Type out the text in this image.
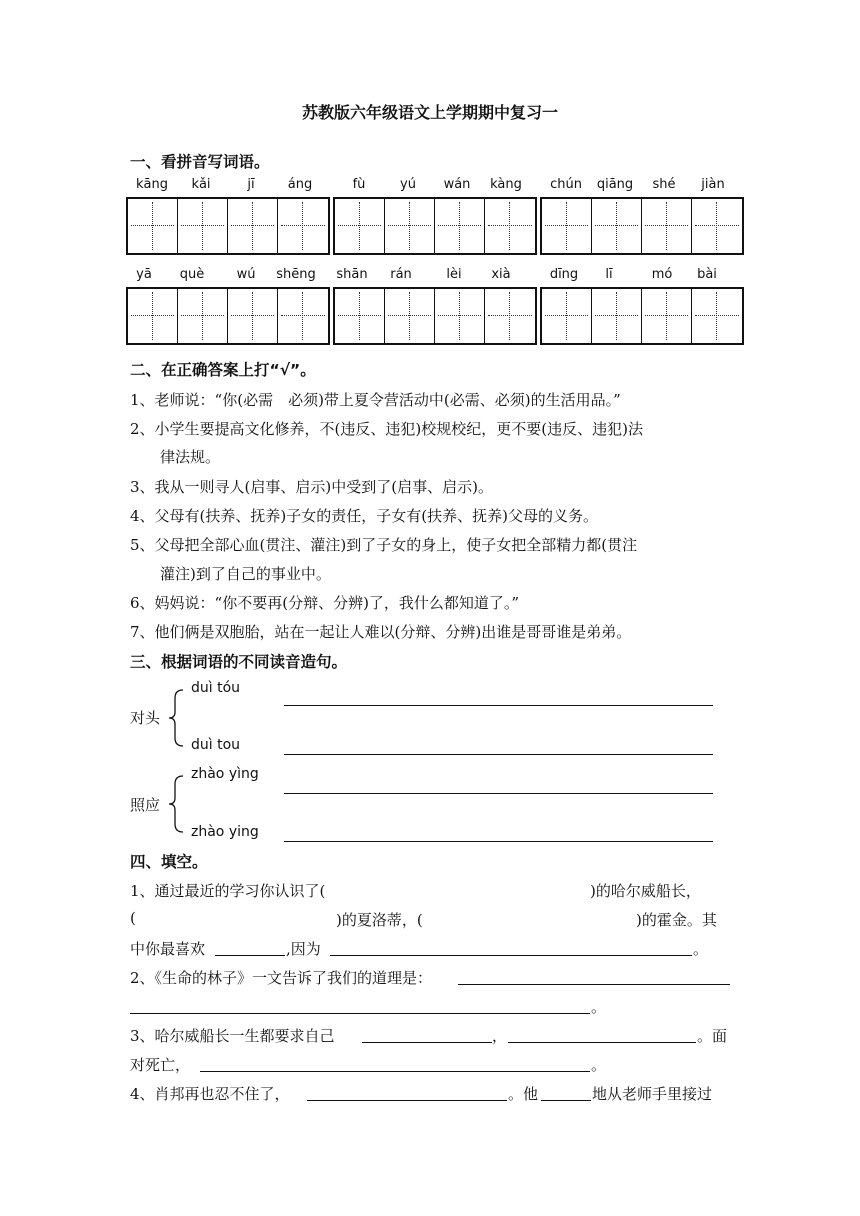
苏教版六年级语文上学期期中复习一
一、看拼音写词语。
kāng	kǎi	jī	áng	fù	yú	wán	kàng	chún	qiāng	shé	jiàn
yā	què	wú	shēng	shān	rán	lèi	xià	dīng	lī	mó	bài
二、在正确答案上打“√”。
1、老师说：“你(必需　必须)带上夏令营活动中(必需、必须)的生活用品。”
2、小学生要提高文化修养，不(违反、违犯)校规校纪，更不要(违反、违犯)法
律法规。
3、我从一则寻人(启事、启示)中受到了(启事、启示)。
4、父母有(扶养、抚养)子女的责任，子女有(扶养、抚养)父母的义务。
5、父母把全部心血(贯注、灌注)到了子女的身上，使子女把全部精力都(贯注
灌注)到了自己的事业中。
6、妈妈说：“你不要再(分辩、分辨)了，我什么都知道了。”
7、他们俩是双胞胎，站在一起让人难以(分辩、分辨)出谁是哥哥谁是弟弟。
三、根据词语的不同读音造句。
对头
duì tóu
duì tou
照应
zhào yìng
zhào ying
四、填空。
1、通过最近的学习你认识了(	)的哈尔威船长，
(	)的夏洛蒂，(	)的霍金。其
中你最喜欢	,因为	。
2、《生命的林子》一文告诉了我们的道理是：
。
3、哈尔威船长一生都要求自己	，	。面
对死亡，	。
4、肖邦再也忍不住了，	。他	地从老师手里接过
